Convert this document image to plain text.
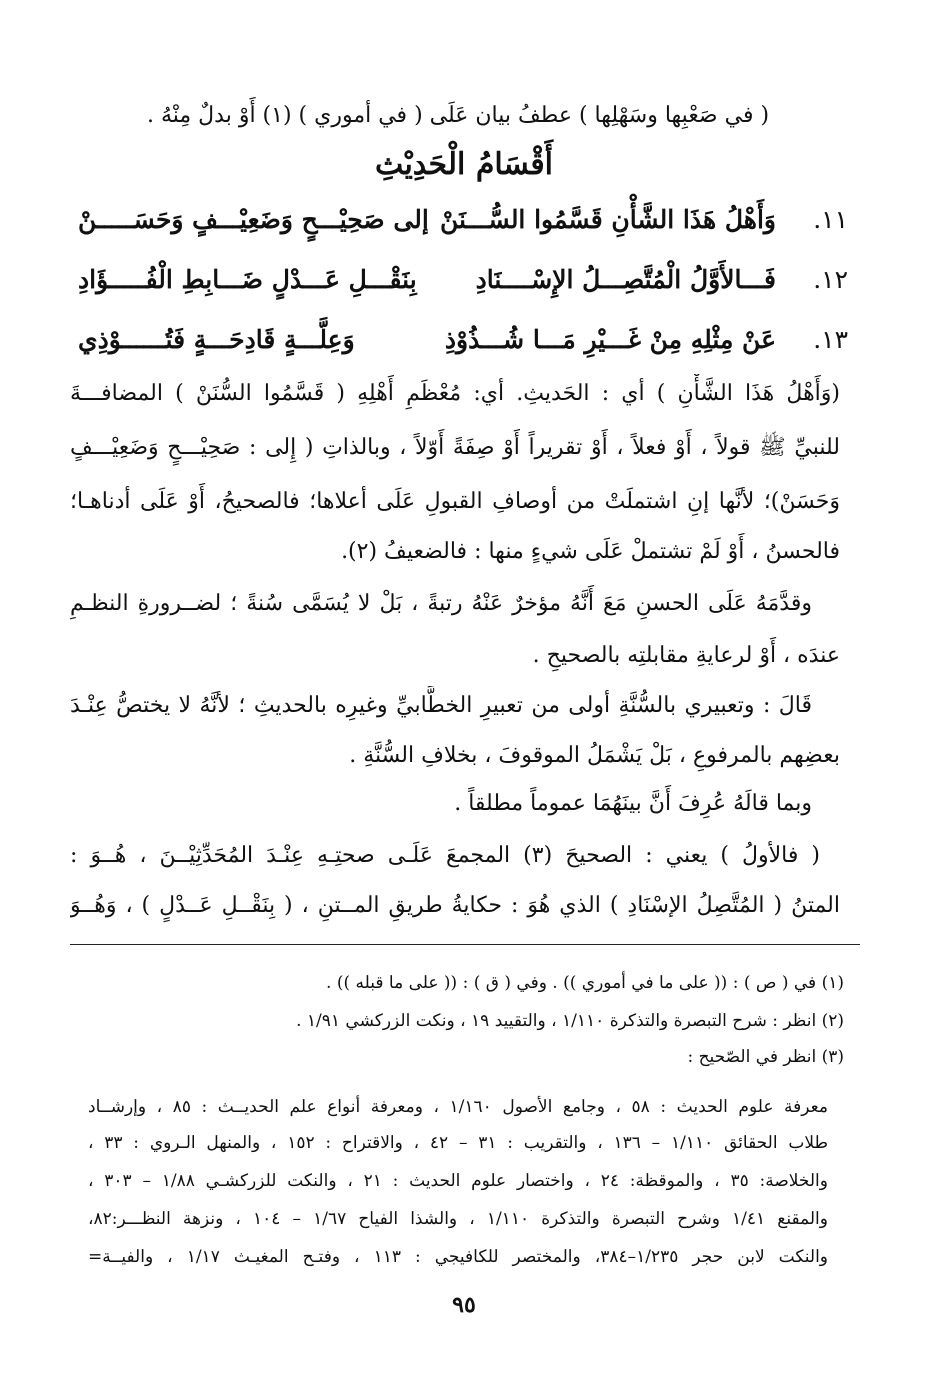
( في صَعْبِها وسَهْلِها ) عطفُ بيان عَلَى ( في أموري ) (١) أَوْ بدلٌ مِنْهُ .
أَقْسَامُ الْحَدِيْثِ
١١.
وَأَهْلُ هَذَا الشَّأْنِ قَسَّمُوا السُّـــنَنْ
إلى صَحِيْـــحٍ وَضَعِيْـــفٍ وَحَسَـــــنْ
١٢.
فَـــالأَوَّلُ الْمُتَّصِـــلُ الإِسْــــنَادِ
بِنَقْـــلِ عَـــدْلٍ ضَـــابِطِ الْفُـــــؤَادِ
١٣.
عَنْ مِثْلِهِ مِنْ غَـــيْرِ مَـــا شُـــذُوْذِ
وَعِلَّـــةٍ قَادِحَـــةٍ فَتُــــــوْذِي
(وَأَهْلُ هَذَا الشَّأْنِ ) أي : الحَديثِ. أي: مُعْظَمِ أَهْلِهِ ( قَسَّمُوا السُّنَنْ ) المضافـــةَ
للنبيِّ ﷺ قولاً ، أَوْ فعلاً ، أَوْ تقريراً أَوْ صِفَةً أَوّلاً ، وبالذاتِ ( إِلى : صَحِيْـــحٍ وَضَعِيْـــفٍ
وَحَسَنْ)؛ لأنَّها إنِ اشتملَتْ من أوصافِ القبولِ عَلَى أعلاها؛ فالصحيحُ، أَوْ عَلَى أدناهـا؛
فالحسنُ ، أَوْ لَمْ تشتملْ عَلَى شيءٍ منها : فالضعيفُ (٢).
وقدَّمَهُ عَلَى الحسنِ مَعَ أَنَّهُ مؤخرٌ عَنْهُ رتبةً ، بَلْ لا يُسَمَّى سُنةً ؛ لضــرورةِ النظـمِ
عندَه ، أَوْ لرعايةِ مقابلتِه بالصحيحِ .
قَالَ : وتعبيري بالسُّنَّةِ أولى من تعبيرِ الخطَّابيِّ وغيرِه بالحديثِ ؛ لأنَّهُ لا يختصُّ عِنْـدَ
بعضِهم بالمرفوعِ ، بَلْ يَشْمَلُ الموقوفَ ، بخلافِ السُّنَّةِ .
وبما قالَهُ عُرِفَ أَنَّ بينَهُمَا عموماً مطلقاً .
( فالأولُ ) يعني : الصحيحَ (٣) المجمعَ عَلَـى صحتِـهِ عِنْـدَ المُحَدِّثِيْــنَ ، هُــوَ :
المتنُ ( المُتَّصِلُ الإسْنَادِ ) الذي هُوَ : حكايةُ طريقِ المــتنِ ، ( بِنَقْــلِ عَــدْلٍ ) ، وَهُــوَ
(١) في ( ص ) : (( على ما في أموري )) . وفي ( ق ) : (( على ما قبله )) .
(٢) انظر : شرح التبصرة والتذكرة ١/١١٠ ، والتقييد ١٩ ، ونكت الزركشي ١/٩١ .
(٣) انظر في الصّحيح :
معرفة علوم الحديث : ٥٨ ، وجامع الأصول ١/١٦٠ ، ومعرفة أنواع علم الحديــث : ٨٥ ، وإرشــاد
طلاب الحقائق ١/١١٠ – ١٣٦ ، والتقريب : ٣١ – ٤٢ ، والاقتراح : ١٥٢ ، والمنهل الـروي : ٣٣ ،
والخلاصة: ٣٥ ، والموقظة: ٢٤ ، واختصار علوم الحديث : ٢١ ، والنكت للزركشـي ١/٨٨ – ٣٠٣ ،
والمقنع ١/٤١ وشرح التبصرة والتذكرة ١/١١٠ ، والشذا الفياح ١/٦٧ – ١٠٤ ، ونزهة النظـــر:٨٢،
والنكت لابن حجر ١/٢٣٥–٣٨٤، والمختصر للكافيجي : ١١٣ ، وفتـح المغيـث ١/١٧ ، والفيــة=
٩٥
